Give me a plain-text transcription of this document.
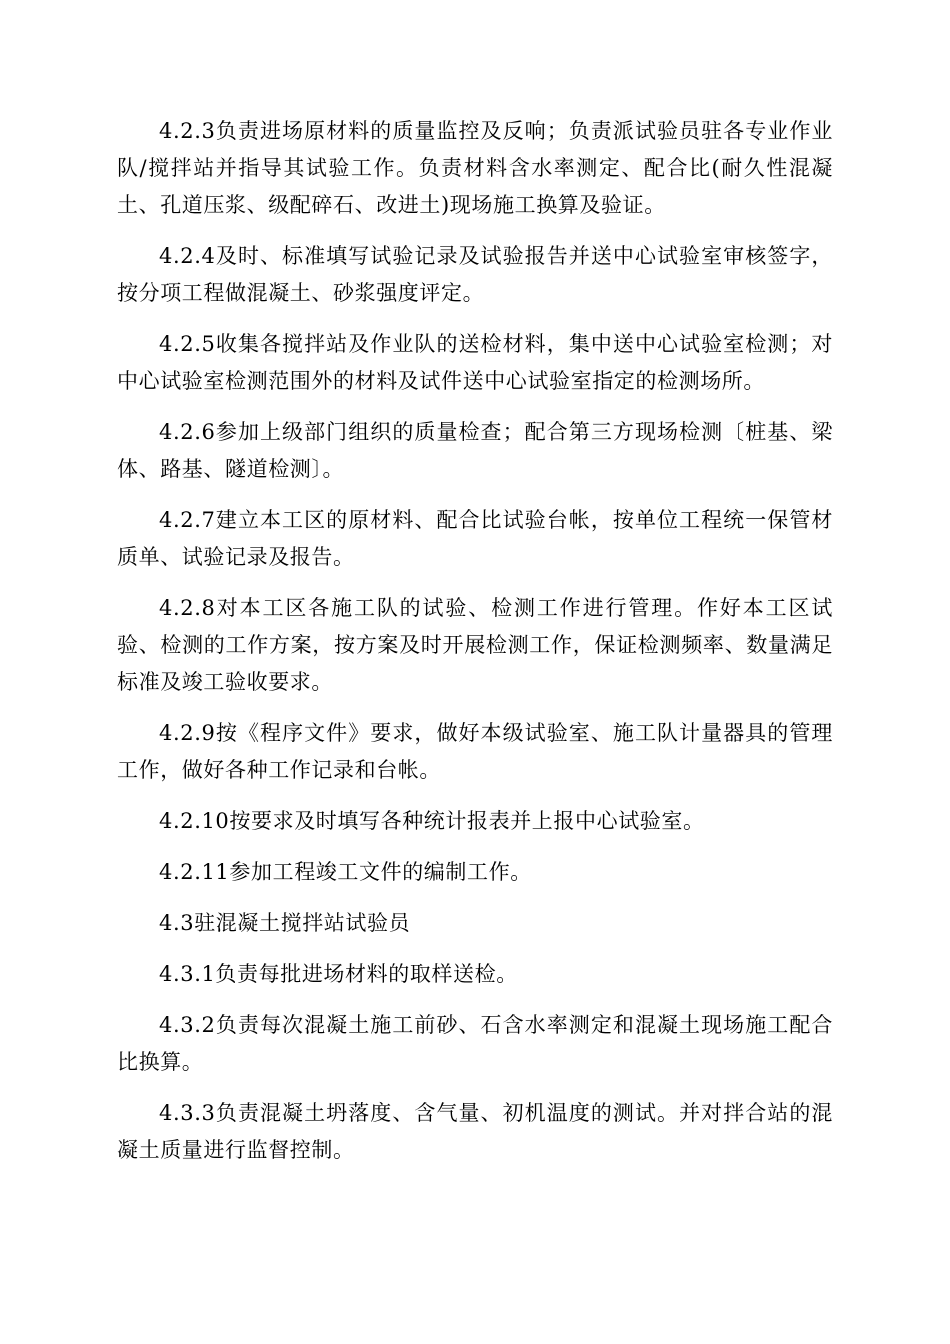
4.2.3负责进场原材料的质量监控及反响；负责派试验员驻各专业作业队/搅拌站并指导其试验工作。负责材料含水率测定、配合比(耐久性混凝土、孔道压浆、级配碎石、改进土)现场施工换算及验证。

4.2.4及时、标准填写试验记录及试验报告并送中心试验室审核签字，按分项工程做混凝土、砂浆强度评定。

4.2.5收集各搅拌站及作业队的送检材料，集中送中心试验室检测；对中心试验室检测范围外的材料及试件送中心试验室指定的检测场所。

4.2.6参加上级部门组织的质量检查；配合第三方现场检测〔桩基、梁体、路基、隧道检测〕。

4.2.7建立本工区的原材料、配合比试验台帐，按单位工程统一保管材质单、试验记录及报告。

4.2.8对本工区各施工队的试验、检测工作进行管理。作好本工区试验、检测的工作方案，按方案及时开展检测工作，保证检测频率、数量满足标准及竣工验收要求。

4.2.9按《程序文件》要求，做好本级试验室、施工队计量器具的管理工作，做好各种工作记录和台帐。

4.2.10按要求及时填写各种统计报表并上报中心试验室。

4.2.11参加工程竣工文件的编制工作。

4.3驻混凝土搅拌站试验员

4.3.1负责每批进场材料的取样送检。

4.3.2负责每次混凝土施工前砂、石含水率测定和混凝土现场施工配合比换算。

4.3.3负责混凝土坍落度、含气量、初机温度的测试。并对拌合站的混凝土质量进行监督控制。
